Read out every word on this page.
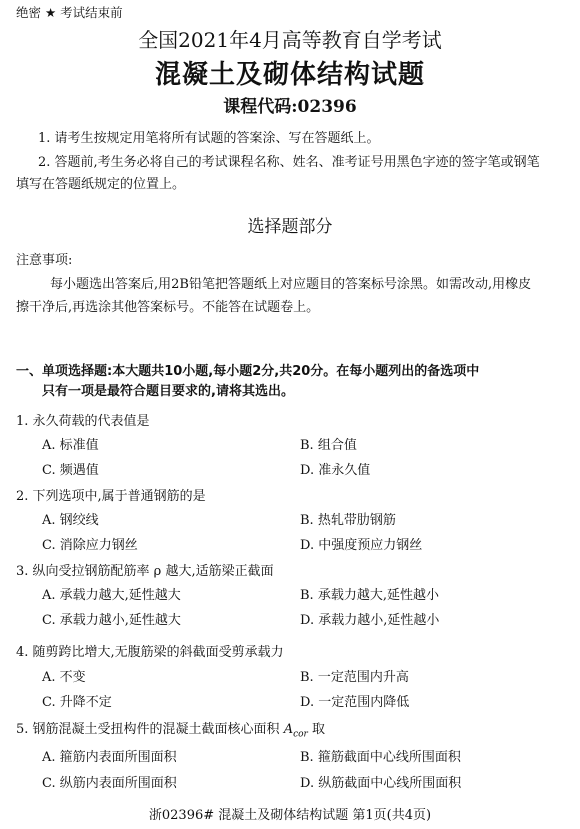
绝密 ★ 考试结束前
全国2021年4月高等教育自学考试
混凝土及砌体结构试题
课程代码:02396
1. 请考生按规定用笔将所有试题的答案涂、写在答题纸上。
2. 答题前,考生务必将自己的考试课程名称、姓名、准考证号用黑色字迹的签字笔或钢笔
填写在答题纸规定的位置上。
选择题部分
注意事项:
每小题选出答案后,用2B铅笔把答题纸上对应题目的答案标号涂黑。如需改动,用橡皮
擦干净后,再选涂其他答案标号。不能答在试题卷上。
一、单项选择题:本大题共10小题,每小题2分,共20分。在每小题列出的备选项中
只有一项是最符合题目要求的,请将其选出。
1. 永久荷载的代表值是
A. 标准值	B. 组合值
C. 频遇值	D. 准永久值
2. 下列选项中,属于普通钢筋的是
A. 钢绞线	B. 热轧带肋钢筋
C. 消除应力钢丝	D. 中强度预应力钢丝
3. 纵向受拉钢筋配筋率 ρ 越大,适筋梁正截面
A. 承载力越大,延性越大	B. 承载力越大,延性越小
C. 承载力越小,延性越大	D. 承载力越小,延性越小
4. 随剪跨比增大,无腹筋梁的斜截面受剪承载力
A. 不变	B. 一定范围内升高
C. 升降不定	D. 一定范围内降低
5. 钢筋混凝土受扭构件的混凝土截面核心面积 $A_{cor}$ 取
A. 箍筋内表面所围面积	B. 箍筋截面中心线所围面积
C. 纵筋内表面所围面积	D. 纵筋截面中心线所围面积
浙02396# 混凝土及砌体结构试题 第1页(共4页)
